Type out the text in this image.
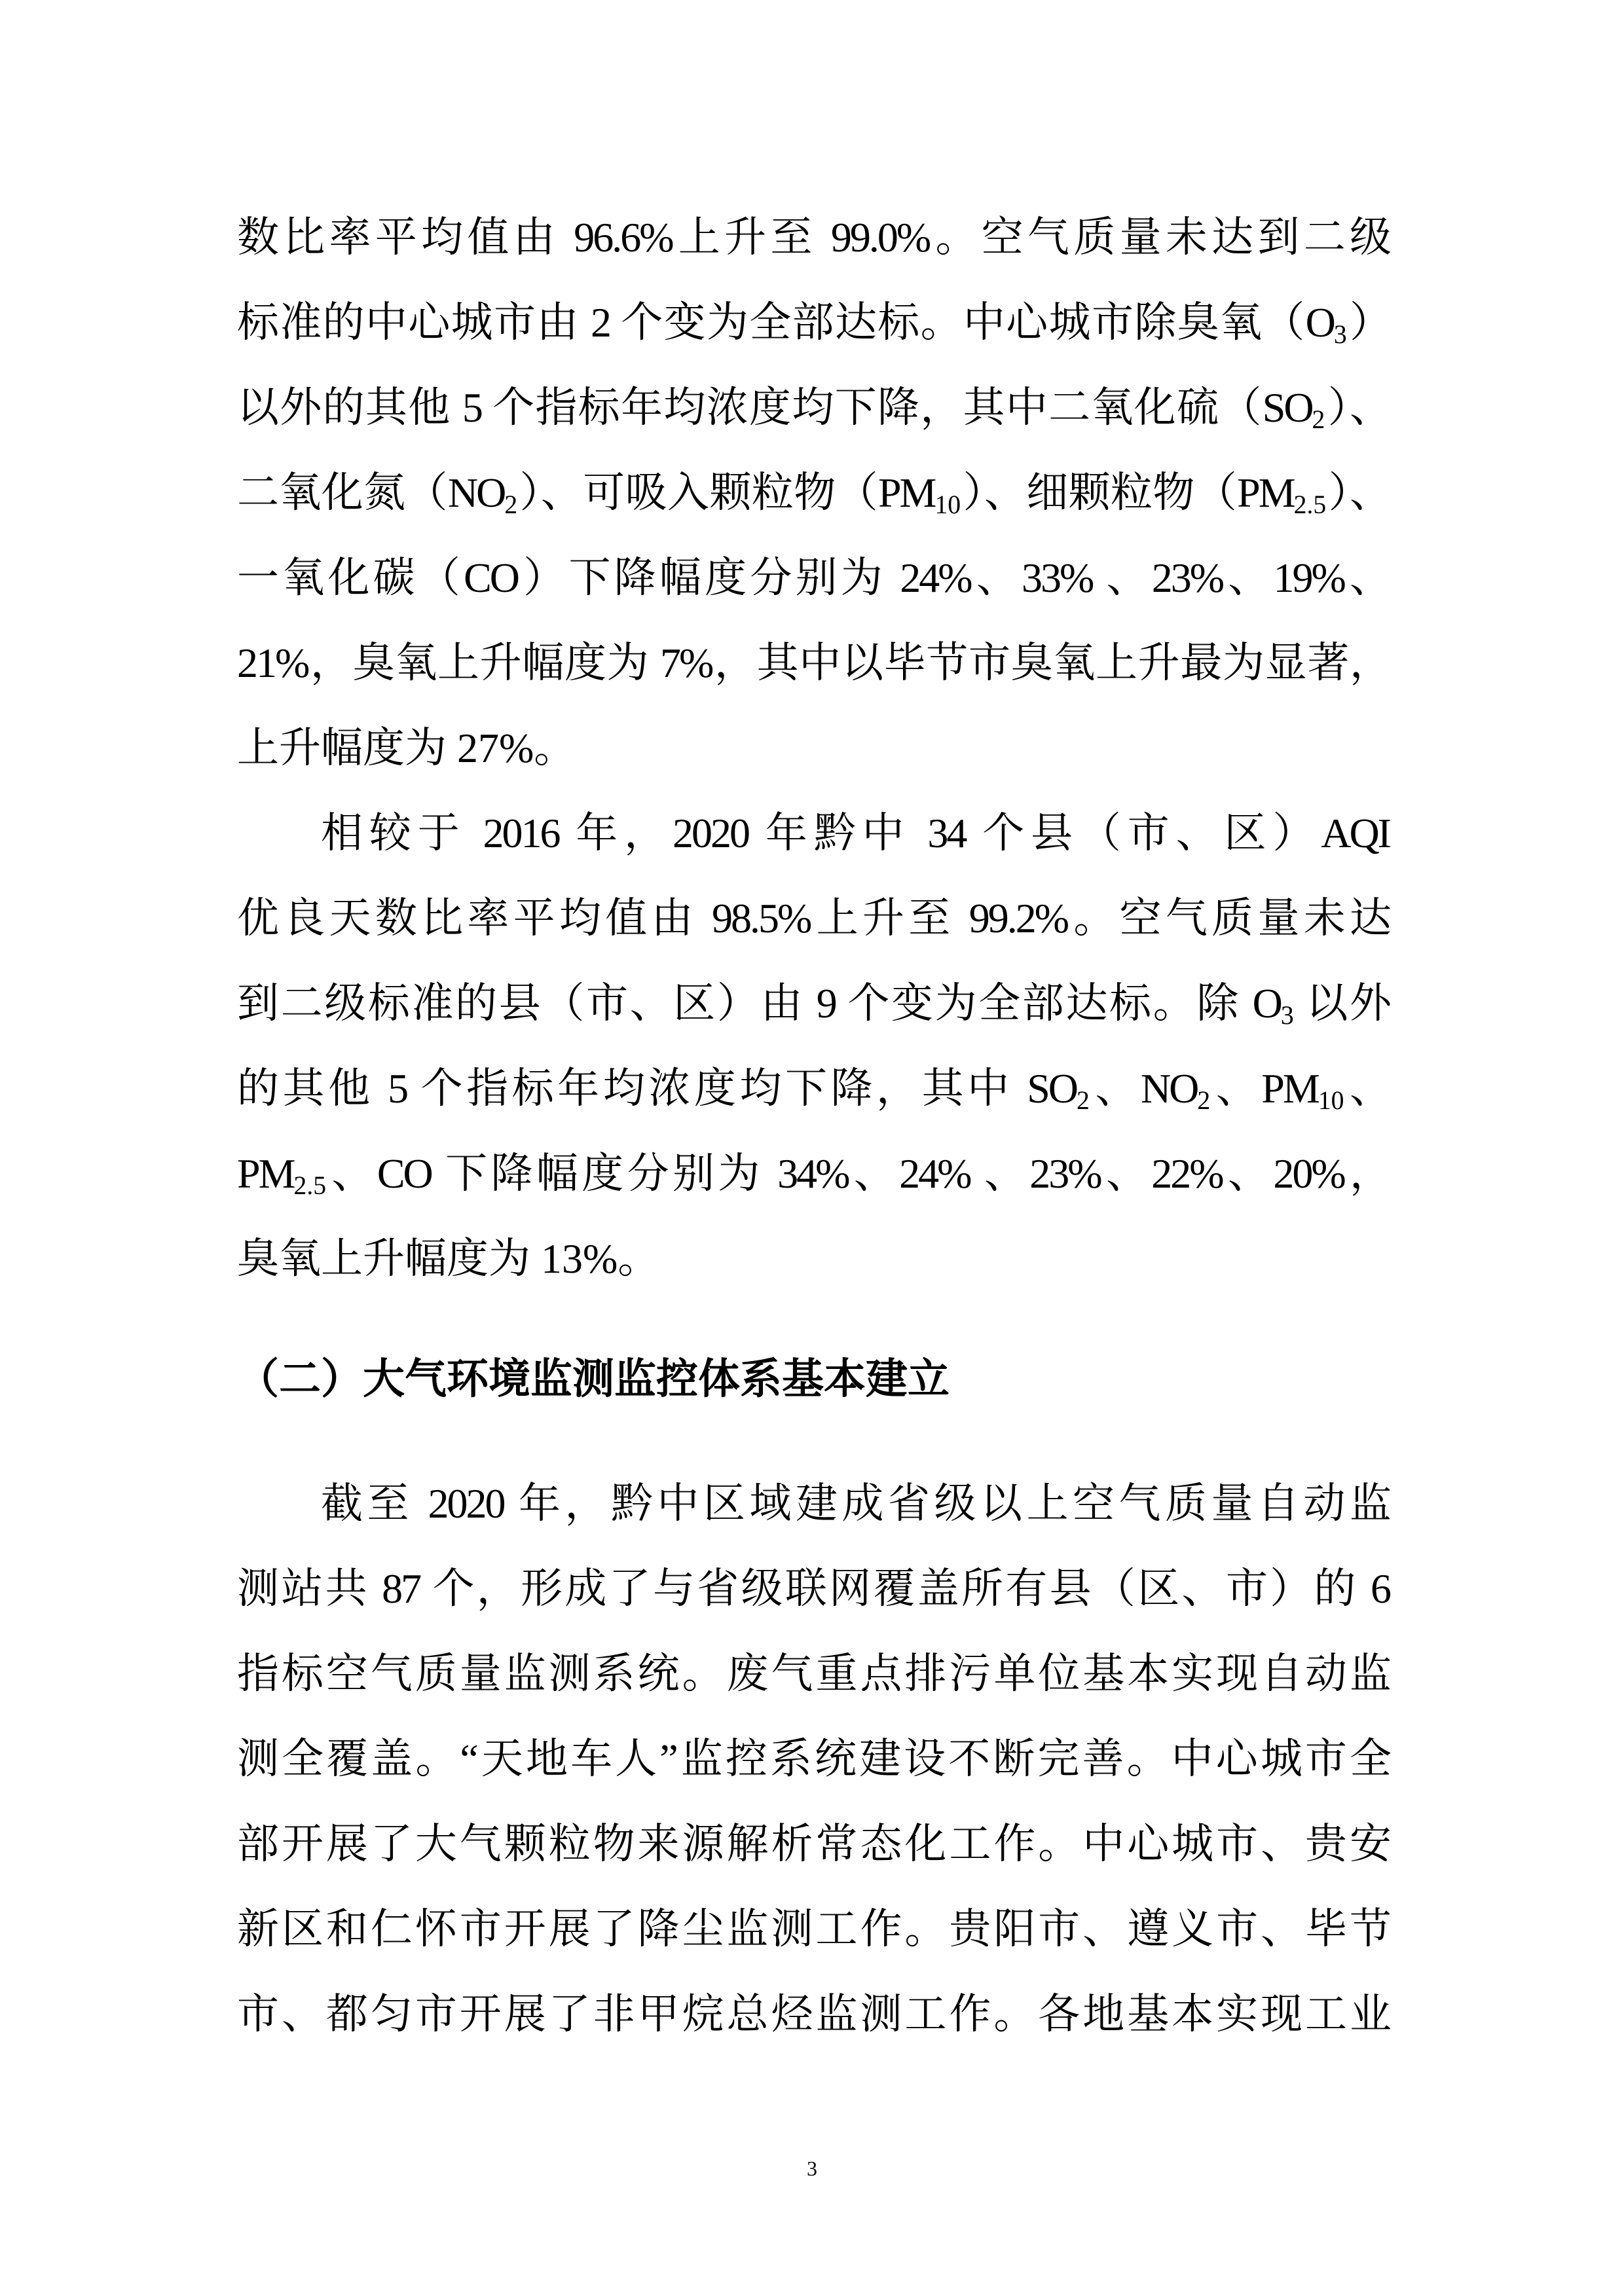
数比率平均值由 96.6%上升至 99.0%。空气质量未达到二级
标准的中心城市由 2 个变为全部达标。中心城市除臭氧$(O_3)$
以外的其他 5 个指标年均浓度均下降，其中二氧化硫$(SO_2)$、
二氧化氮$(NO_2)$、可吸入颗粒物$(PM_{10})$、细颗粒物$(PM_{2.5})$、
一氧化碳（CO）下降幅度分别为 24%、33% 、23%、19%、
21%，臭氧上升幅度为 7%，其中以毕节市臭氧上升最为显著，
上升幅度为 27%。
相较于 2016 年，2020 年黔中 34 个县（市、区）AQI
优良天数比率平均值由 98.5%上升至 99.2%。空气质量未达
到二级标准的县（市、区）由 9 个变为全部达标。除 $O_3$ 以外
的其他 5 个指标年均浓度均下降，其中 $SO_2$、$NO_2$、$PM_{10}$、
$PM_{2.5}$、CO 下降幅度分别为 34%、24% 、23%、22%、20%，
臭氧上升幅度为 13%。
（二）大气环境监测监控体系基本建立
截至 2020 年，黔中区域建成省级以上空气质量自动监
测站共 87 个，形成了与省级联网覆盖所有县（区、市）的 6
指标空气质量监测系统。废气重点排污单位基本实现自动监
测全覆盖。“天地车人”监控系统建设不断完善。中心城市全
部开展了大气颗粒物来源解析常态化工作。中心城市、贵安
新区和仁怀市开展了降尘监测工作。贵阳市、遵义市、毕节
市、都匀市开展了非甲烷总烃监测工作。各地基本实现工业
3
